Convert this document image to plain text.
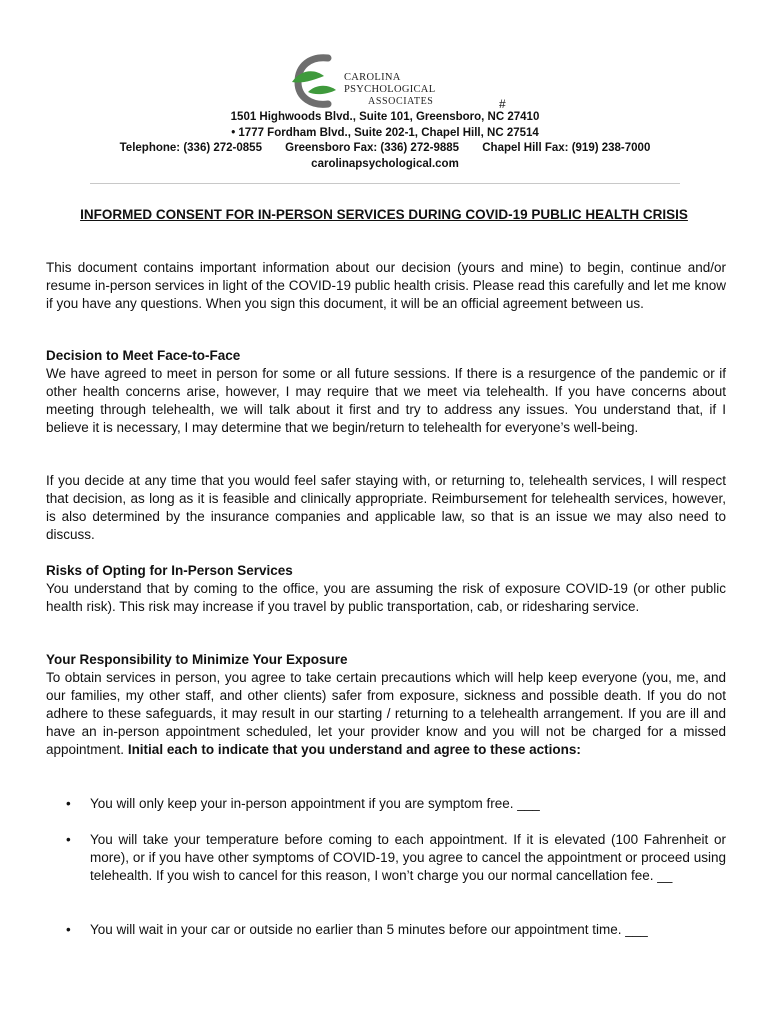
CAROLINA PSYCHOLOGICAL
ASSOCIATES	#
1501 Highwoods Blvd., Suite 101, Greensboro, NC 27410
• 1777 Fordham Blvd., Suite 202-1, Chapel Hill, NC 27514
Telephone: (336) 272-0855 Greensboro Fax: (336) 272-9885 Chapel Hill Fax: (919) 238-7000
carolinapsychological.com
INFORMED CONSENT FOR IN-PERSON SERVICES DURING COVID-19 PUBLIC HEALTH CRISIS
This document contains important information about our decision (yours and mine) to begin, continue and/or resume in-person services in light of the COVID-19 public health crisis. Please read this carefully and let me know if you have any questions. When you sign this document, it will be an official agreement between us.
Decision to Meet Face-to-Face
We have agreed to meet in person for some or all future sessions. If there is a resurgence of the pandemic or if other health concerns arise, however, I may require that we meet via telehealth. If you have concerns about meeting through telehealth, we will talk about it first and try to address any issues. You understand that, if I believe it is necessary, I may determine that we begin/return to telehealth for everyone’s well-being.
If you decide at any time that you would feel safer staying with, or returning to, telehealth services, I will respect that decision, as long as it is feasible and clinically appropriate. Reimbursement for telehealth services, however, is also determined by the insurance companies and applicable law, so that is an issue we may also need to discuss.
Risks of Opting for In-Person Services
You understand that by coming to the office, you are assuming the risk of exposure COVID-19 (or other public health risk). This risk may increase if you travel by public transportation, cab, or ridesharing service.
Your Responsibility to Minimize Your Exposure
To obtain services in person, you agree to take certain precautions which will help keep everyone (you, me, and our families, my other staff, and other clients) safer from exposure, sickness and possible death. If you do not adhere to these safeguards, it may result in our starting / returning to a telehealth arrangement. If you are ill and have an in-person appointment scheduled, let your provider know and you will not be charged for a missed appointment. Initial each to indicate that you understand and agree to these actions:
• You will only keep your in-person appointment if you are symptom free. ___
• You will take your temperature before coming to each appointment. If it is elevated (100 Fahrenheit or more), or if you have other symptoms of COVID-19, you agree to cancel the appointment or proceed using telehealth. If you wish to cancel for this reason, I won’t charge you our normal cancellation fee. __
• You will wait in your car or outside no earlier than 5 minutes before our appointment time. ___
